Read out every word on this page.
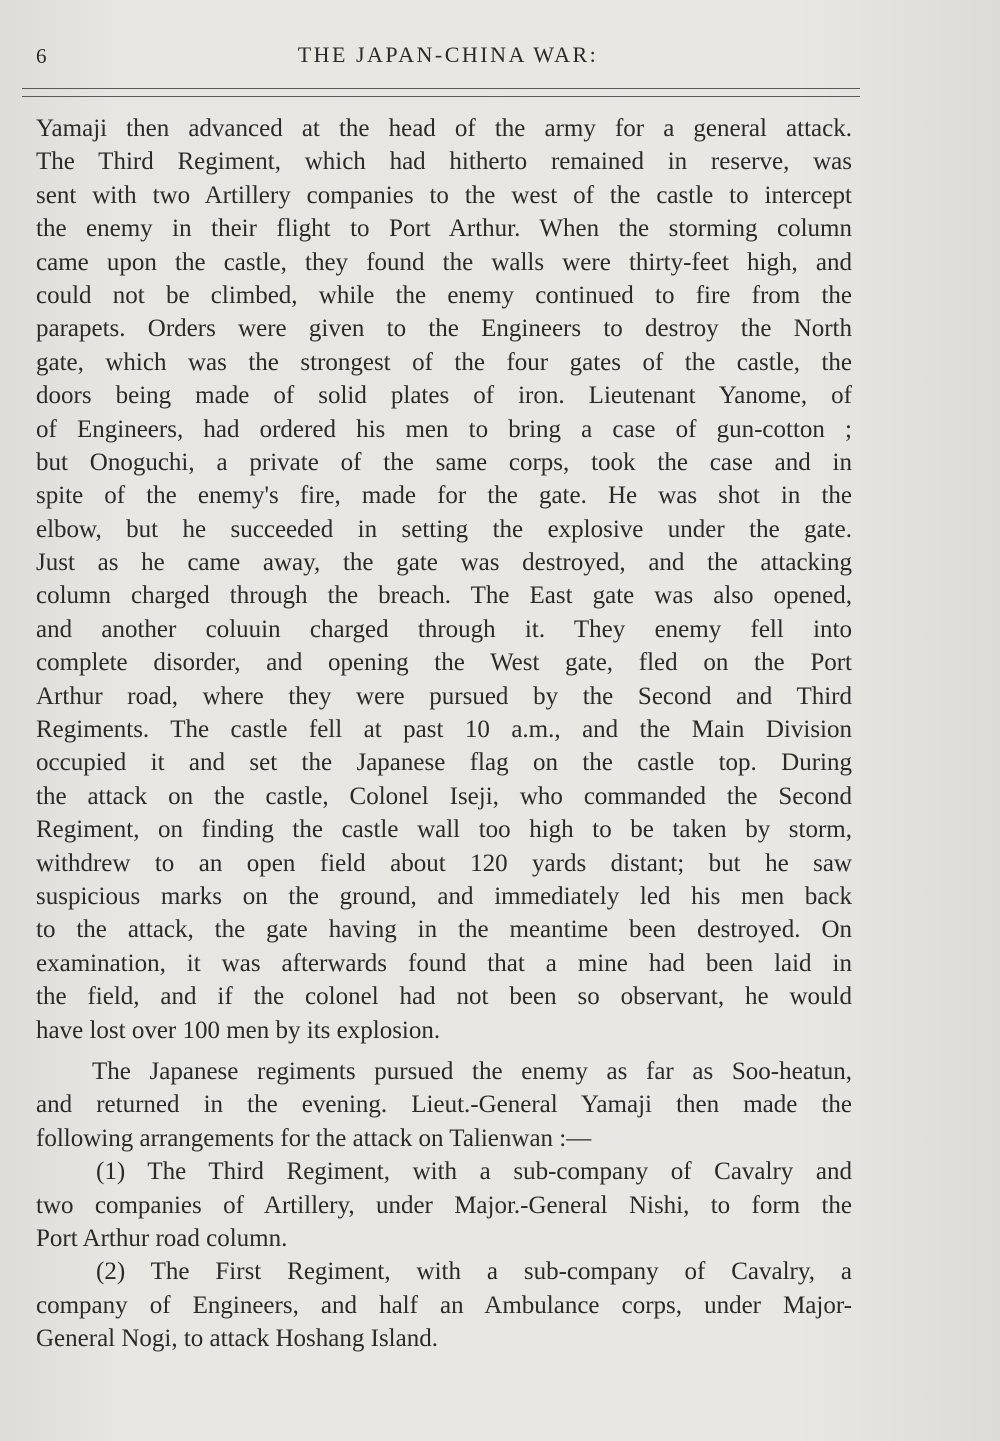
6	THE JAPAN-CHINA WAR:
Yamaji then advanced at the head of the army for a general attack.
The Third Regiment, which had hitherto remained in reserve, was
sent with two Artillery companies to the west of the castle to intercept
the enemy in their flight to Port Arthur. When the storming column
came upon the castle, they found the walls were thirty-feet high, and
could not be climbed, while the enemy continued to fire from the
parapets. Orders were given to the Engineers to destroy the North
gate, which was the strongest of the four gates of the castle, the
doors being made of solid plates of iron. Lieutenant Yanome, of
of Engineers, had ordered his men to bring a case of gun-cotton ;
but Onoguchi, a private of the same corps, took the case and in
spite of the enemy's fire, made for the gate. He was shot in the
elbow, but he succeeded in setting the explosive under the gate.
Just as he came away, the gate was destroyed, and the attacking
column charged through the breach. The East gate was also opened,
and another coluuin charged through it. They enemy fell into
complete disorder, and opening the West gate, fled on the Port
Arthur road, where they were pursued by the Second and Third
Regiments. The castle fell at past 10 a.m., and the Main Division
occupied it and set the Japanese flag on the castle top. During
the attack on the castle, Colonel Iseji, who commanded the Second
Regiment, on finding the castle wall too high to be taken by storm,
withdrew to an open field about 120 yards distant; but he saw
suspicious marks on the ground, and immediately led his men back
to the attack, the gate having in the meantime been destroyed. On
examination, it was afterwards found that a mine had been laid in
the field, and if the colonel had not been so observant, he would
have lost over 100 men by its explosion.
The Japanese regiments pursued the enemy as far as Soo-heatun,
and returned in the evening. Lieut.-General Yamaji then made the
following arrangements for the attack on Talienwan :—
(1) The Third Regiment, with a sub-company of Cavalry and
two companies of Artillery, under Major.-General Nishi, to form the
Port Arthur road column.
(2) The First Regiment, with a sub-company of Cavalry, a
company of Engineers, and half an Ambulance corps, under Major-
General Nogi, to attack Hoshang Island.
